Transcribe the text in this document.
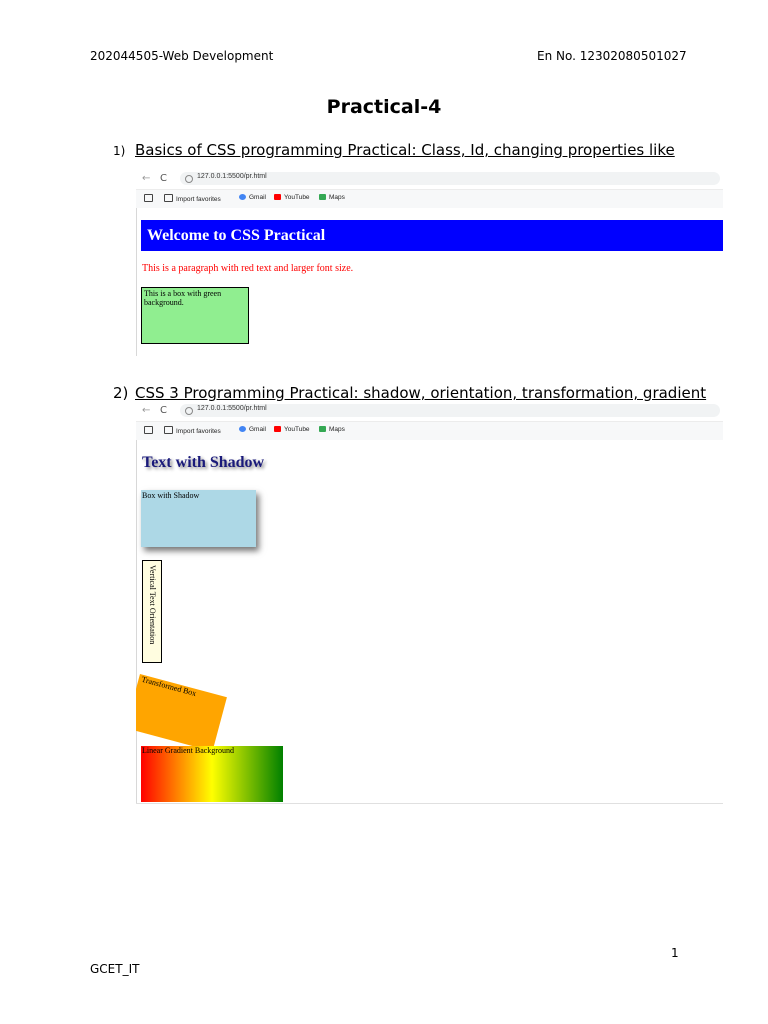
202044505-Web Development	En No. 12302080501027
Practical-4
1) Basics of CSS programming Practical: Class, Id, changing properties like
← C	127.0.0.1:5500/pr.html
Import favorites	Gmail	YouTube	Maps
Welcome to CSS Practical
This is a paragraph with red text and larger font size.
This is a box with green background.
2) CSS 3 Programming Practical: shadow, orientation, transformation, gradient
← C	127.0.0.1:5500/pr.html
Import favorites	Gmail	YouTube	Maps
Text with Shadow
Box with Shadow
Vertical Text Orientation
Transformed Box
Linear Gradient Background
1
GCET_IT
